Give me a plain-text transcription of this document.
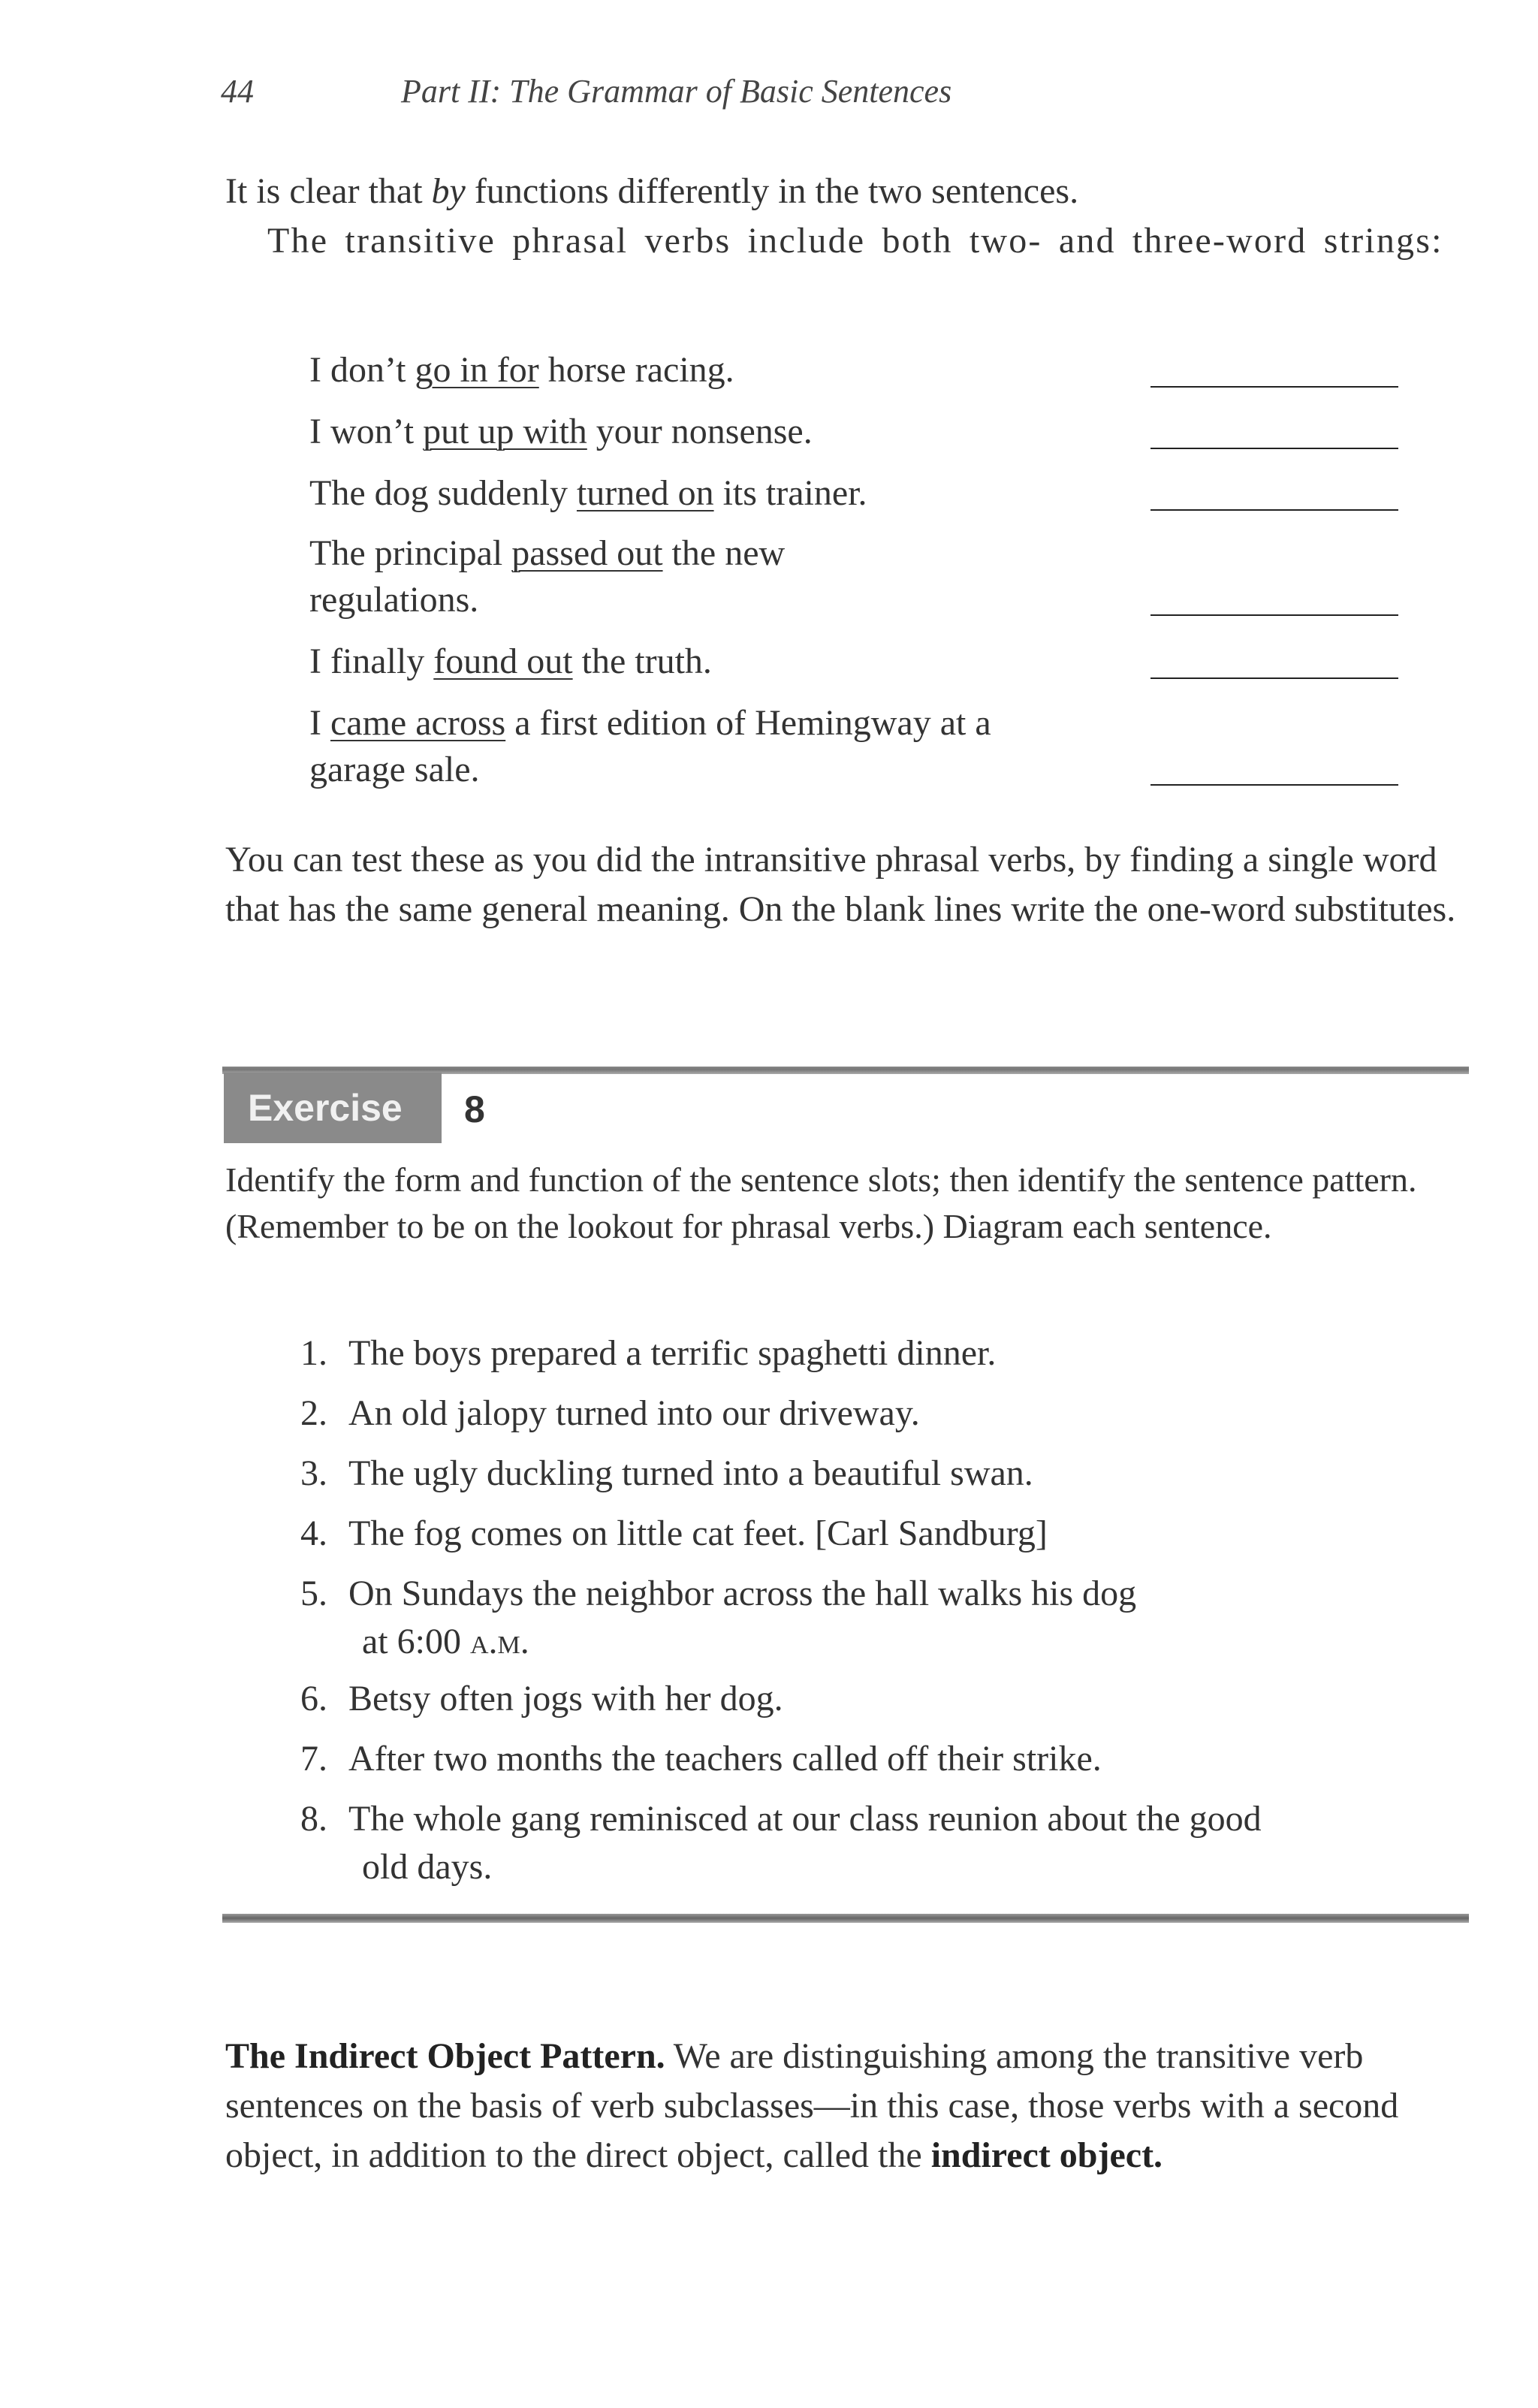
44	Part II: The Grammar of Basic Sentences

It is clear that by functions differently in the two sentences.

The transitive phrasal verbs include both two- and three-word strings:

I don’t go in for horse racing.
I won’t put up with your nonsense.
The dog suddenly turned on its trainer.
The principal passed out the new regulations.
I finally found out the truth.
I came across a first edition of Hemingway at a garage sale.

You can test these as you did the intransitive phrasal verbs, by finding a single word that has the same general meaning. On the blank lines write the one-word substitutes.

Exercise	8

Identify the form and function of the sentence slots; then identify the sentence pattern. (Remember to be on the lookout for phrasal verbs.) Diagram each sentence.

1. The boys prepared a terrific spaghetti dinner.
2. An old jalopy turned into our driveway.
3. The ugly duckling turned into a beautiful swan.
4. The fog comes on little cat feet. [Carl Sandburg]
5. On Sundays the neighbor across the hall walks his dog
at 6:00 a.m.
6. Betsy often jogs with her dog.
7. After two months the teachers called off their strike.
8. The whole gang reminisced at our class reunion about the good
old days.

The Indirect Object Pattern. We are distinguishing among the transitive verb sentences on the basis of verb subclasses—in this case, those verbs with a second object, in addition to the direct object, called the indirect object.
